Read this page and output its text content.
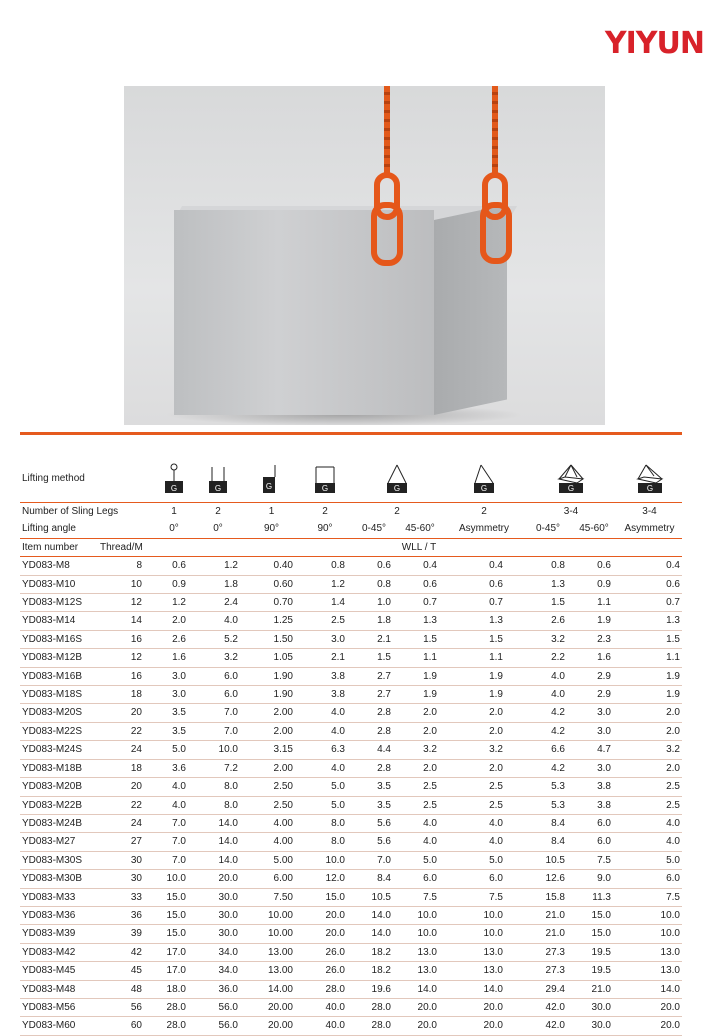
YIYUN
Lifting method		G	G	G	G	G		G	G		G

Number of Sling Legs		1	2	1	2	2		2	3-4		3-4
Lifting angle		0°	0°	90°	90°	0-45°	45-60°	Asymmetry	0-45°	45-60°	Asymmetry
Item number	Thread/M	WLL / T									
YD083-M8	8	0.6	1.2	0.40	0.8	0.6	0.4	0.4	0.8	0.6	0.4
YD083-M10	10	0.9	1.8	0.60	1.2	0.8	0.6	0.6	1.3	0.9	0.6
YD083-M12S	12	1.2	2.4	0.70	1.4	1.0	0.7	0.7	1.5	1.1	0.7
YD083-M14	14	2.0	4.0	1.25	2.5	1.8	1.3	1.3	2.6	1.9	1.3
YD083-M16S	16	2.6	5.2	1.50	3.0	2.1	1.5	1.5	3.2	2.3	1.5
YD083-M12B	12	1.6	3.2	1.05	2.1	1.5	1.1	1.1	2.2	1.6	1.1
YD083-M16B	16	3.0	6.0	1.90	3.8	2.7	1.9	1.9	4.0	2.9	1.9
YD083-M18S	18	3.0	6.0	1.90	3.8	2.7	1.9	1.9	4.0	2.9	1.9
YD083-M20S	20	3.5	7.0	2.00	4.0	2.8	2.0	2.0	4.2	3.0	2.0
YD083-M22S	22	3.5	7.0	2.00	4.0	2.8	2.0	2.0	4.2	3.0	2.0
YD083-M24S	24	5.0	10.0	3.15	6.3	4.4	3.2	3.2	6.6	4.7	3.2
YD083-M18B	18	3.6	7.2	2.00	4.0	2.8	2.0	2.0	4.2	3.0	2.0
YD083-M20B	20	4.0	8.0	2.50	5.0	3.5	2.5	2.5	5.3	3.8	2.5
YD083-M22B	22	4.0	8.0	2.50	5.0	3.5	2.5	2.5	5.3	3.8	2.5
YD083-M24B	24	7.0	14.0	4.00	8.0	5.6	4.0	4.0	8.4	6.0	4.0
YD083-M27	27	7.0	14.0	4.00	8.0	5.6	4.0	4.0	8.4	6.0	4.0
YD083-M30S	30	7.0	14.0	5.00	10.0	7.0	5.0	5.0	10.5	7.5	5.0
YD083-M30B	30	10.0	20.0	6.00	12.0	8.4	6.0	6.0	12.6	9.0	6.0
YD083-M33	33	15.0	30.0	7.50	15.0	10.5	7.5	7.5	15.8	11.3	7.5
YD083-M36	36	15.0	30.0	10.00	20.0	14.0	10.0	10.0	21.0	15.0	10.0
YD083-M39	39	15.0	30.0	10.00	20.0	14.0	10.0	10.0	21.0	15.0	10.0
YD083-M42	42	17.0	34.0	13.00	26.0	18.2	13.0	13.0	27.3	19.5	13.0
YD083-M45	45	17.0	34.0	13.00	26.0	18.2	13.0	13.0	27.3	19.5	13.0
YD083-M48	48	18.0	36.0	14.00	28.0	19.6	14.0	14.0	29.4	21.0	14.0
YD083-M56	56	28.0	56.0	20.00	40.0	28.0	20.0	20.0	42.0	30.0	20.0
YD083-M60	60	28.0	56.0	20.00	40.0	28.0	20.0	20.0	42.0	30.0	20.0
